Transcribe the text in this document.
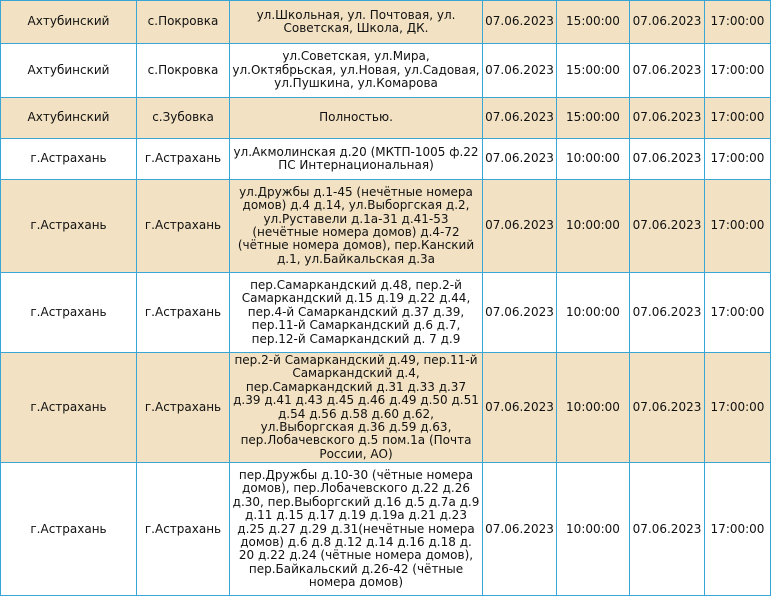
Ахтубинский	с.Покровка	ул.Школьная, ул. Почтовая, ул. Советская, Школа, ДК.	07.06.2023	15:00:00	07.06.2023	17:00:00
Ахтубинский	с.Покровка	ул.Советская, ул.Мира, ул.Октябрьская, ул.Новая, ул.Садовая, ул.Пушкина, ул.Комарова	07.06.2023	15:00:00	07.06.2023	17:00:00
Ахтубинский	с.Зубовка	Полностью.	07.06.2023	15:00:00	07.06.2023	17:00:00
г.Астрахань	г.Астрахань	ул.Акмолинская д.20 (МКТП-1005 ф.22 ПС Интернациональная)	07.06.2023	10:00:00	07.06.2023	17:00:00
г.Астрахань	г.Астрахань	ул.Дружбы д.1-45 (нечётные номера домов) д.4 д.14, ул.Выборгская д.2, ул.Руставели д.1а-31 д.41-53 (нечётные номера домов) д.4-72 (чётные номера домов), пер.Канский д.1, ул.Байкальская д.3а	07.06.2023	10:00:00	07.06.2023	17:00:00
г.Астрахань	г.Астрахань	пер.Самаркандский д.48, пер.2-й Самаркандский д.15 д.19 д.22 д.44, пер.4-й Самаркандский д.37 д.39, пер.11-й Самаркандский д.6 д.7, пер.12-й Самаркандский д. 7 д.9	07.06.2023	10:00:00	07.06.2023	17:00:00
г.Астрахань	г.Астрахань	пер.2-й Самаркандский д.49, пер.11-й Самаркандский д.4, пер.Самаркандский д.31 д.33 д.37 д.39 д.41 д.43 д.45 д.46 д.49 д.50 д.51 д.54 д.56 д.58 д.60 д.62, ул.Выборгская д.36 д.59 д.63, пер.Лобачевского д.5 пом.1а (Почта России, АО)	07.06.2023	10:00:00	07.06.2023	17:00:00
г.Астрахань	г.Астрахань	пер.Дружбы д.10-30 (чётные номера домов), пер.Лобачевского д.22 д.26 д.30, пер.Выборгский д.16 д.5 д.7а д.9 д.11 д.15 д.17 д.19 д.19а д.21 д.23 д.25 д.27 д.29 д.31(нечётные номера домов) д.6 д.8 д.12 д.14 д.16 д.18 д. 20 д.22 д.24 (чётные номера домов), пер.Байкальский д.26-42 (чётные номера домов)	07.06.2023	10:00:00	07.06.2023	17:00:00
